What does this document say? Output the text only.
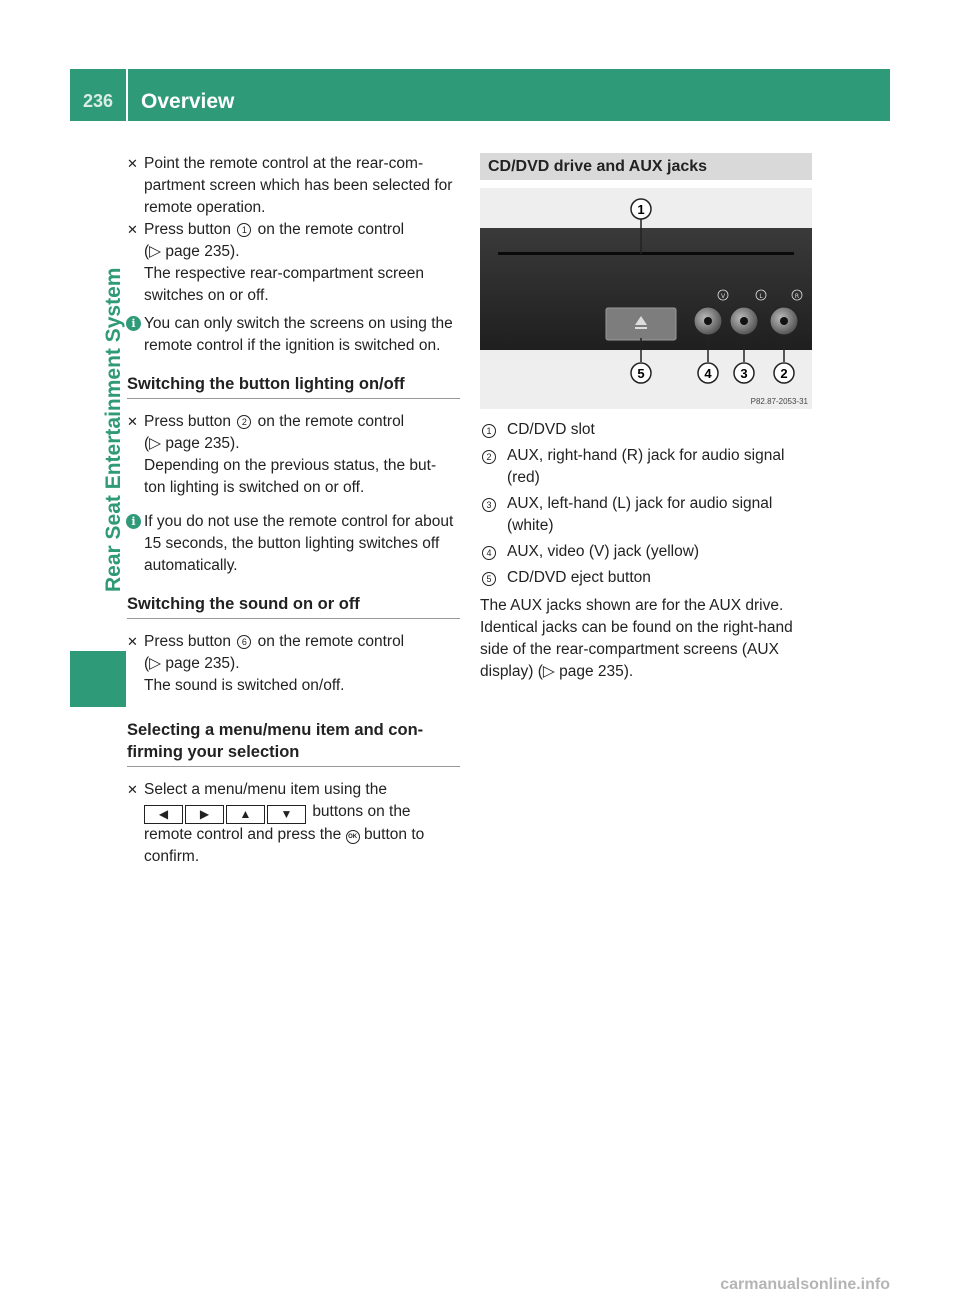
236	Overview
Rear Seat Entertainment System

✕ Point the remote control at the rear-com- partment screen which has been selected for remote operation.

✕ Press button 1 on the remote control
(▷ page 235).
The respective rear-compartment screen switches on or off.

i You can only switch the screens on using the remote control if the ignition is switched on.

Switching the button lighting on/off

✕ Press button 2 on the remote control
(▷ page 235).
Depending on the previous status, the but- ton lighting is switched on or off.

i If you do not use the remote control for about 15 seconds, the button lighting switches off automatically.

Switching the sound on or off

✕ Press button 6 on the remote control
(▷ page 235).
The sound is switched on/off.

Selecting a menu/menu item and con- firming your selection

✕ Select a menu/menu item using the
◀	▶	▲ ▼ buttons on the
remote control and press the OK button to confirm.

CD/DVD drive and AUX jacks
V	L	R
1
5	4 3	2
P82.87-2053-31
1 CD/DVD slot
2 AUX, right-hand (R) jack for audio signal (red)
3 AUX, left-hand (L) jack for audio signal (white)
4 AUX, video (V) jack (yellow)
5 CD/DVD eject button

The AUX jacks shown are for the AUX drive. Identical jacks can be found on the right-hand side of the rear-compartment screens (AUX display) (▷ page 235).

carmanualsonline.info
